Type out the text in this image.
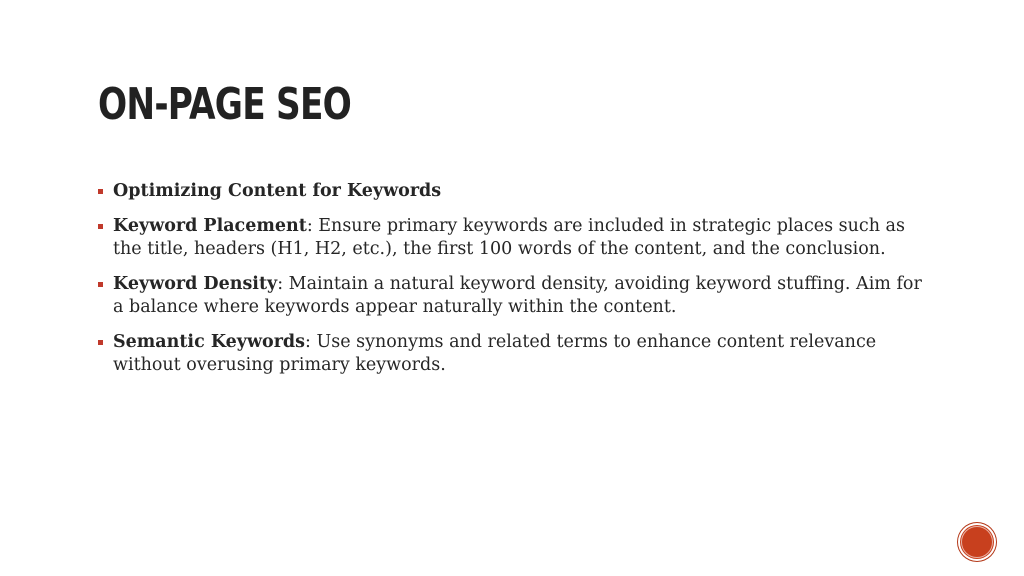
ON-PAGE SEO
Optimizing Content for Keywords
Keyword Placement: Ensure primary keywords are included in strategic places such as the title, headers (H1, H2, etc.), the first 100 words of the content, and the conclusion.
Keyword Density: Maintain a natural keyword density, avoiding keyword stuffing. Aim for a balance where keywords appear naturally within the content.
Semantic Keywords: Use synonyms and related terms to enhance content relevance without overusing primary keywords.
